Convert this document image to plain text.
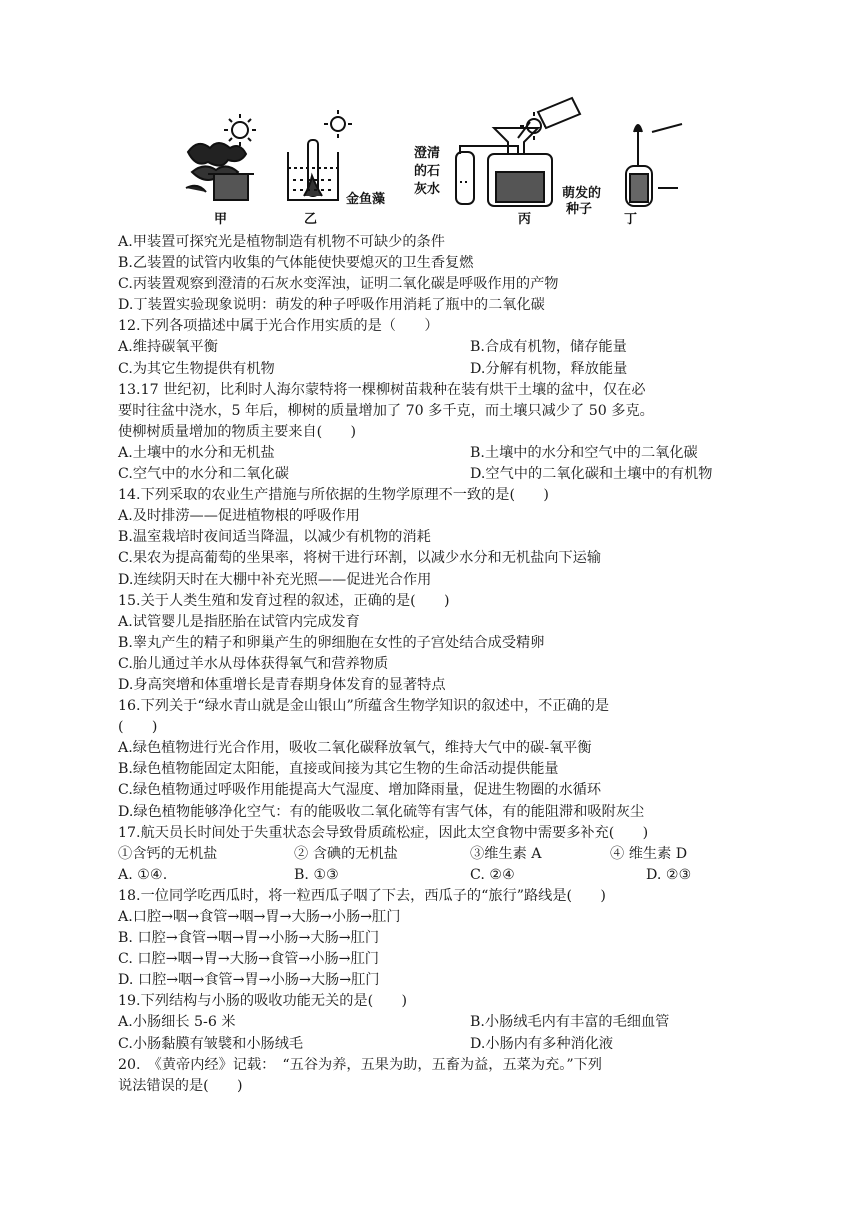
甲	乙
金鱼藻
澄清
的石
灰水
丙
萌发的
种子
丁
A.甲装置可探究光是植物制造有机物不可缺少的条件
B.乙装置的试管内收集的气体能使快要熄灭的卫生香复燃
C.丙装置观察到澄清的石灰水变浑浊，证明二氧化碳是呼吸作用的产物
D.丁装置实验现象说明：萌发的种子呼吸作用消耗了瓶中的二氧化碳
12.下列各项描述中属于光合作用实质的是（　　）
A.维持碳氧平衡	B.合成有机物，储存能量
C.为其它生物提供有机物	D.分解有机物，释放能量
13.17 世纪初，比利时人海尔蒙特将一棵柳树苗栽种在装有烘干土壤的盆中，仅在必
要时往盆中浇水，5 年后，柳树的质量增加了 70 多千克，而土壤只减少了 50 多克。
使柳树质量增加的物质主要来自(　　)
A.土壤中的水分和无机盐	B.土壤中的水分和空气中的二氧化碳
C.空气中的水分和二氧化碳	D.空气中的二氧化碳和土壤中的有机物
14.下列采取的农业生产措施与所依据的生物学原理不一致的是(　　)
A.及时排涝——促进植物根的呼吸作用
B.温室栽培时夜间适当降温，以减少有机物的消耗
C.果农为提高葡萄的坐果率，将树干进行环割，以减少水分和无机盐向下运输
D.连续阴天时在大棚中补充光照——促进光合作用
15.关于人类生殖和发育过程的叙述，正确的是(　　)
A.试管婴儿是指胚胎在试管内完成发育
B.睾丸产生的精子和卵巢产生的卵细胞在女性的子宫处结合成受精卵
C.胎儿通过羊水从母体获得氧气和营养物质
D.身高突增和体重增长是青春期身体发育的显著特点
16.下列关于“绿水青山就是金山银山”所蕴含生物学知识的叙述中，不正确的是
(　　)
A.绿色植物进行光合作用，吸收二氧化碳释放氧气，维持大气中的碳-氧平衡
B.绿色植物能固定太阳能，直接或间接为其它生物的生命活动提供能量
C.绿色植物通过呼吸作用能提高大气湿度、增加降雨量，促进生物圈的水循环
D.绿色植物能够净化空气：有的能吸收二氧化硫等有害气体，有的能阻滞和吸附灰尘
17.航天员长时间处于失重状态会导致骨质疏松症，因此太空食物中需要多补充(　　)
①含钙的无机盐	② 含碘的无机盐	③维生素 A	④ 维生素 D
A. ①④.	B. ①③	C. ②④	D. ②③
18.一位同学吃西瓜时，将一粒西瓜子咽了下去，西瓜子的“旅行”路线是(　　)
A.口腔→咽→食管→咽→胃→大肠→小肠→肛门
B. 口腔→食管→咽→胃→小肠→大肠→肛门
C. 口腔→咽→胃→大肠→食管→小肠→肛门
D. 口腔→咽→食管→胃→小肠→大肠→肛门
19.下列结构与小肠的吸收功能无关的是(　　)
A.小肠细长 5-6 米	B.小肠绒毛内有丰富的毛细血管
C.小肠黏膜有皱襞和小肠绒毛	D.小肠内有多种消化液
20.　《黄帝内经》记载：　“五谷为养，五果为助，五畜为益，五菜为充。”下列
说法错误的是(　　)
